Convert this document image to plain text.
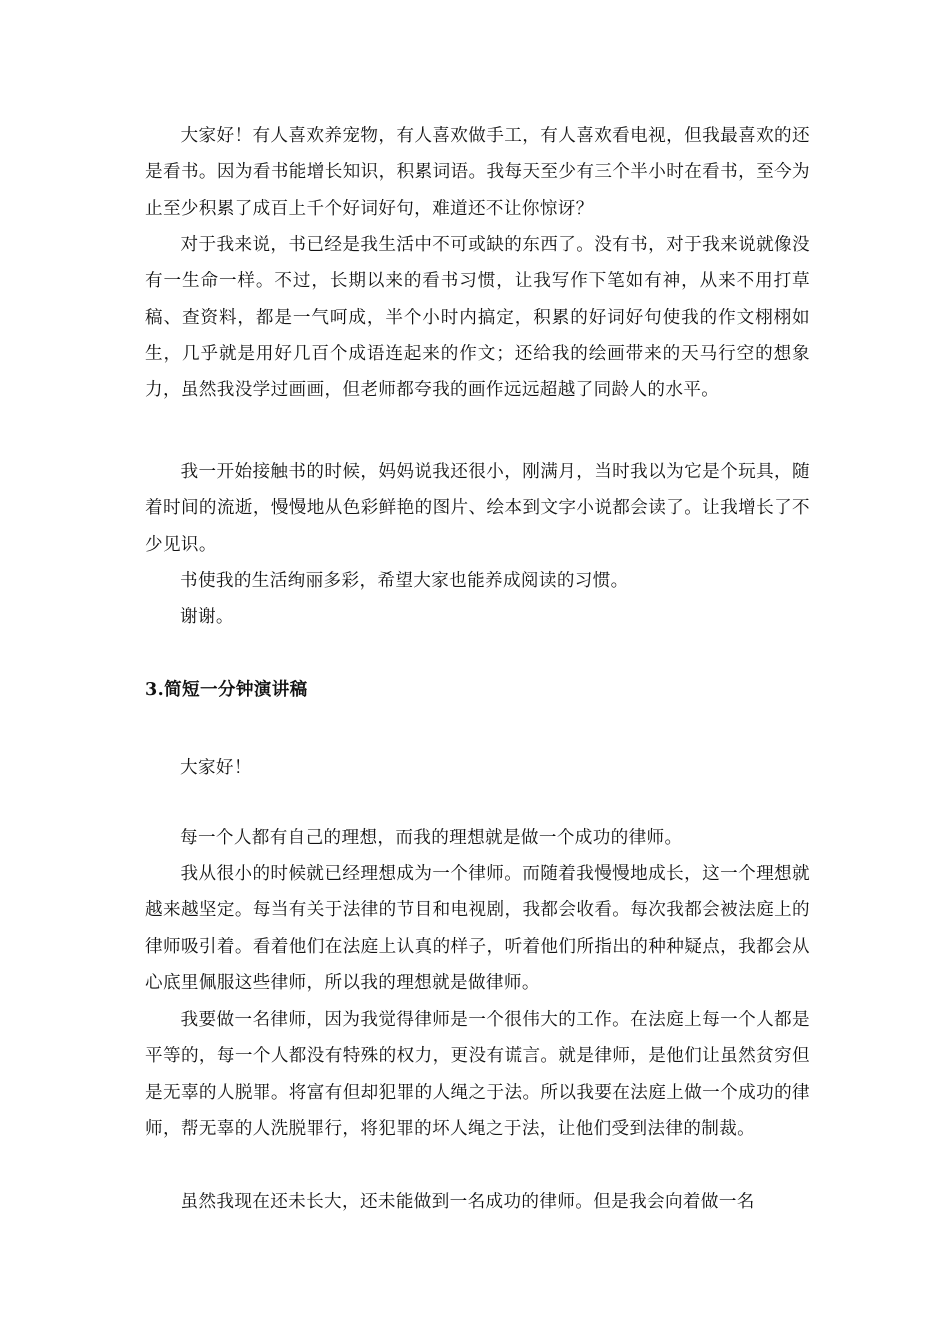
大家好！有人喜欢养宠物，有人喜欢做手工，有人喜欢看电视，但我最喜欢的还是看书。因为看书能增长知识，积累词语。我每天至少有三个半小时在看书，至今为止至少积累了成百上千个好词好句，难道还不让你惊讶？

对于我来说，书已经是我生活中不可或缺的东西了。没有书，对于我来说就像没有一生命一样。不过，长期以来的看书习惯，让我写作下笔如有神，从来不用打草稿、查资料，都是一气呵成，半个小时内搞定，积累的好词好句使我的作文栩栩如生，几乎就是用好几百个成语连起来的作文；还给我的绘画带来的天马行空的想象力，虽然我没学过画画，但老师都夸我的画作远远超越了同龄人的水平。

我一开始接触书的时候，妈妈说我还很小，刚满月，当时我以为它是个玩具，随着时间的流逝，慢慢地从色彩鲜艳的图片、绘本到文字小说都会读了。让我增长了不少见识。

书使我的生活绚丽多彩，希望大家也能养成阅读的习惯。

谢谢。

3.简短一分钟演讲稿

大家好！

每一个人都有自己的理想，而我的理想就是做一个成功的律师。

我从很小的时候就已经理想成为一个律师。而随着我慢慢地成长，这一个理想就越来越坚定。每当有关于法律的节目和电视剧，我都会收看。每次我都会被法庭上的律师吸引着。看着他们在法庭上认真的样子，听着他们所指出的种种疑点，我都会从心底里佩服这些律师，所以我的理想就是做律师。

我要做一名律师，因为我觉得律师是一个很伟大的工作。在法庭上每一个人都是平等的，每一个人都没有特殊的权力，更没有谎言。就是律师，是他们让虽然贫穷但是无辜的人脱罪。将富有但却犯罪的人绳之于法。所以我要在法庭上做一个成功的律师，帮无辜的人洗脱罪行，将犯罪的坏人绳之于法，让他们受到法律的制裁。

虽然我现在还未长大，还未能做到一名成功的律师。但是我会向着做一名
